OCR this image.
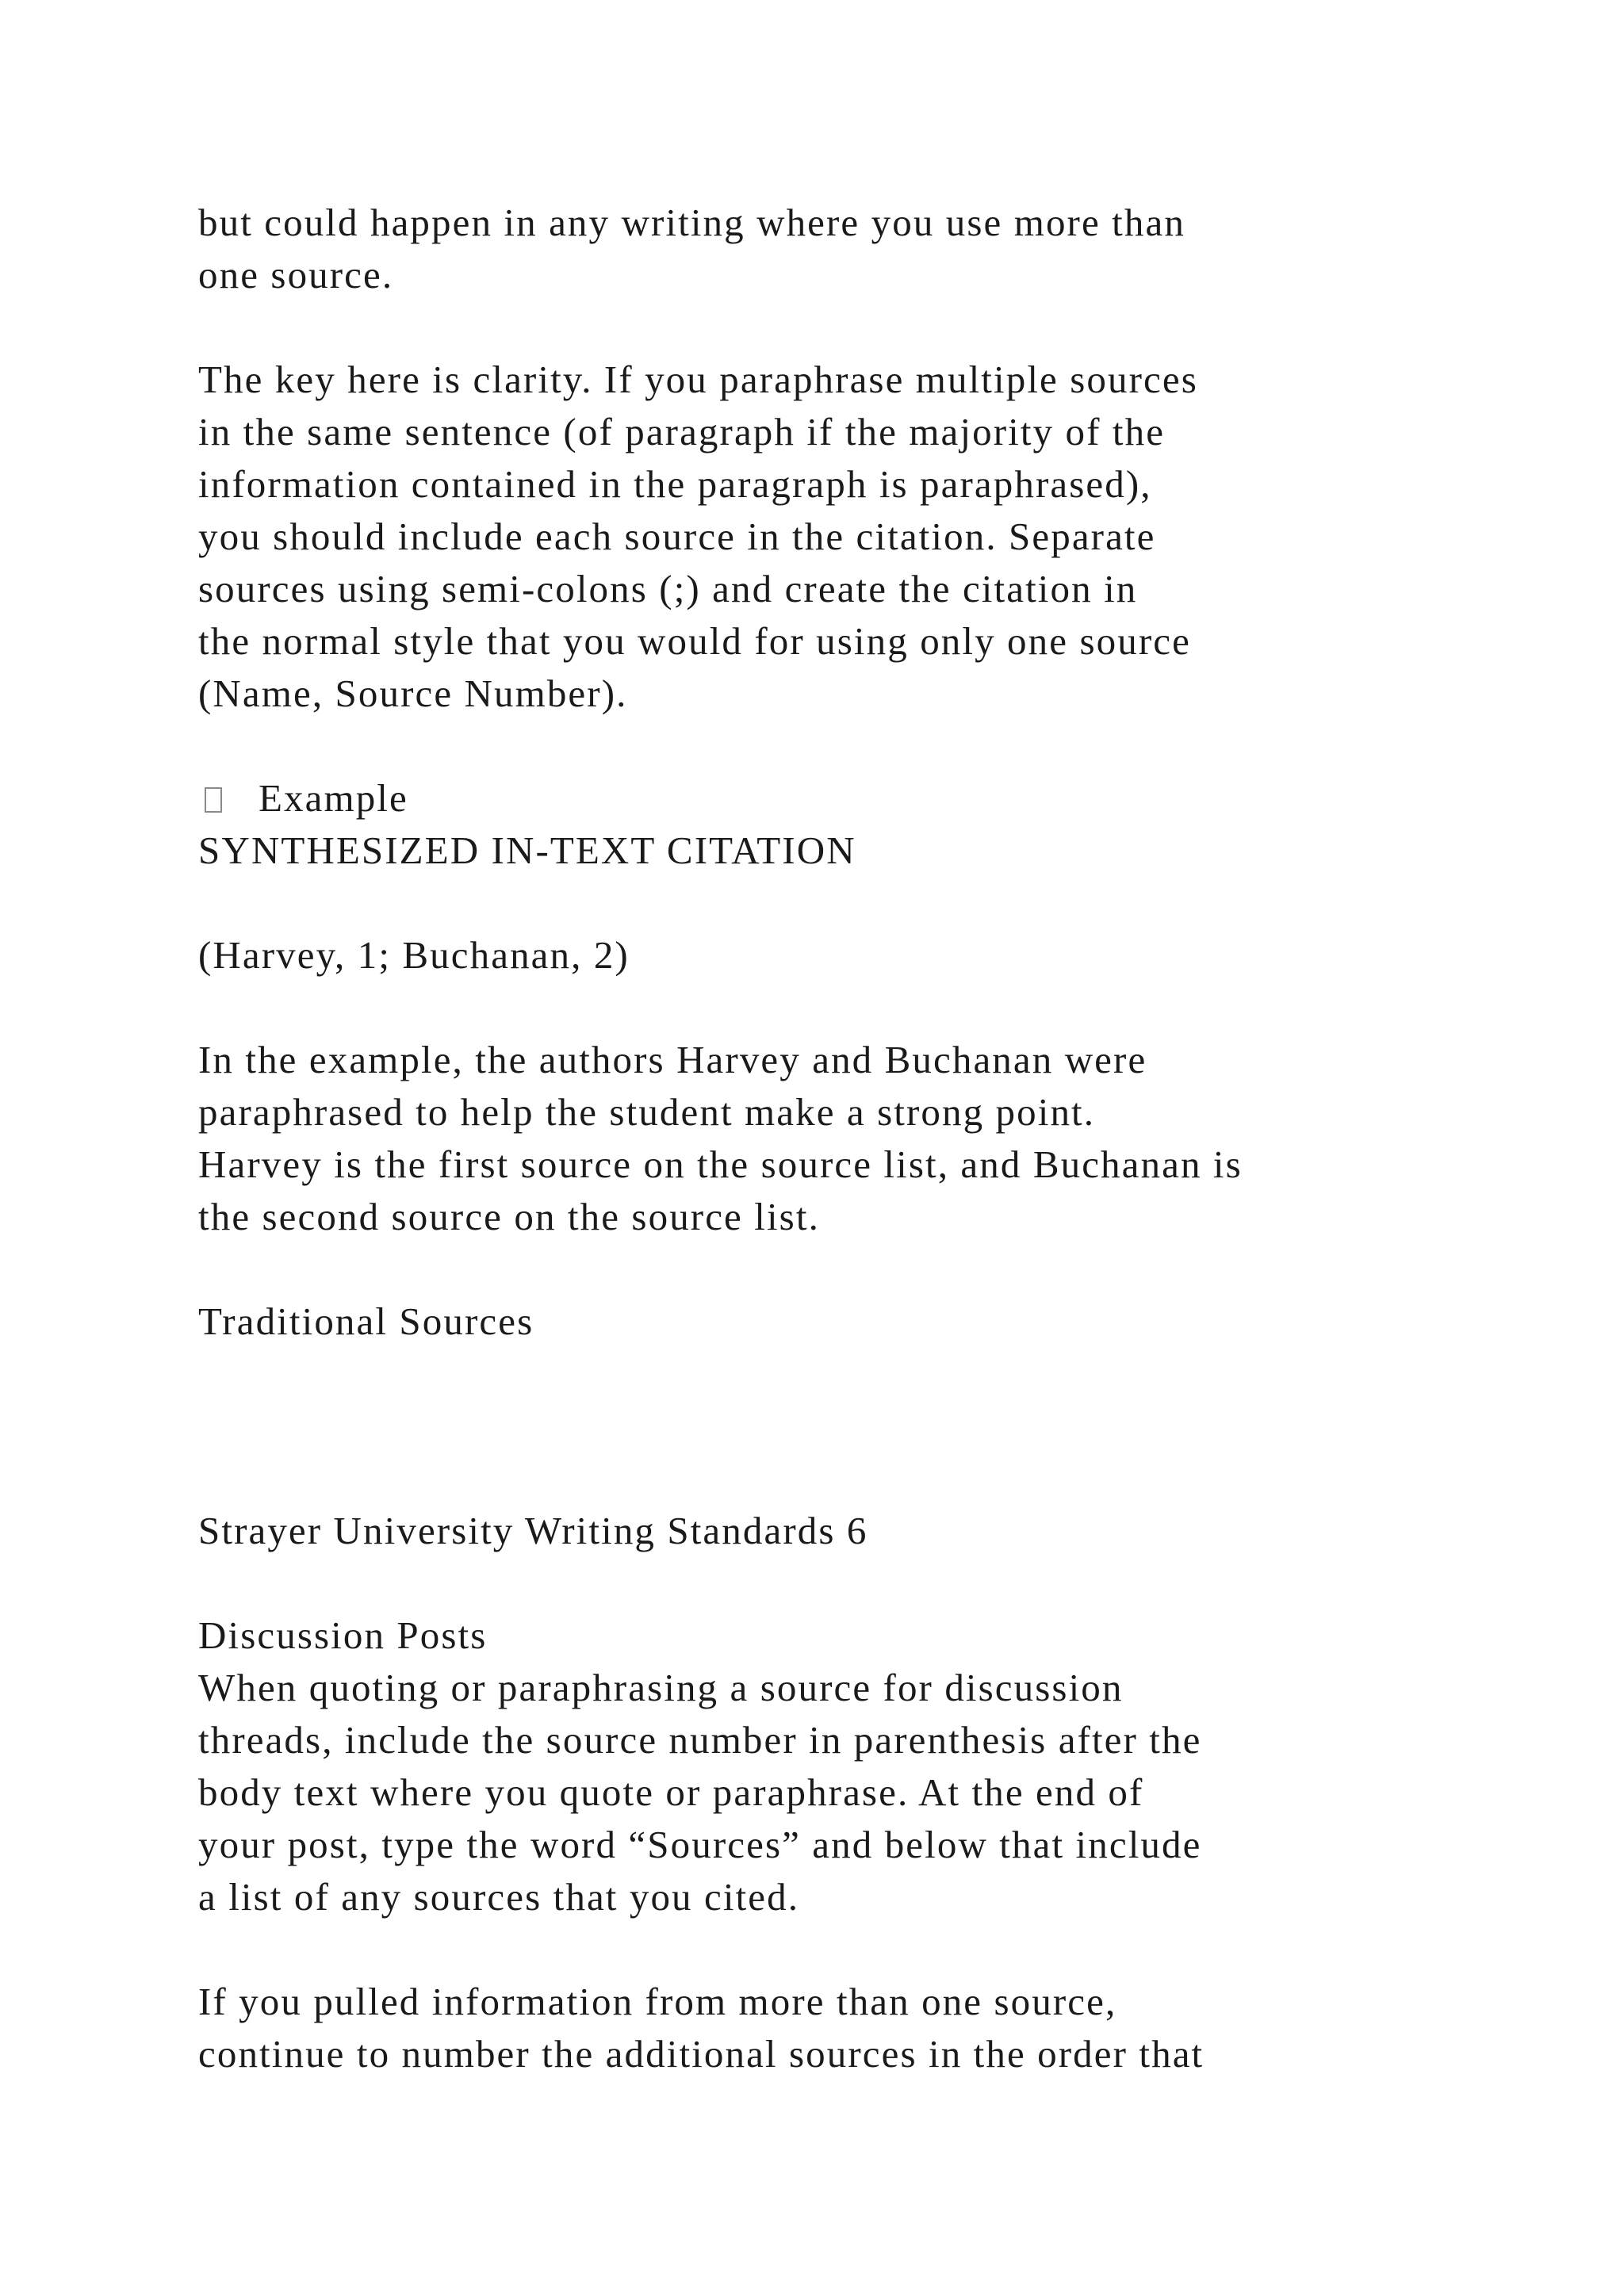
but could happen in any writing where you use more than
one source.
The key here is clarity. If you paraphrase multiple sources
in the same sentence (of paragraph if the majority of the
information contained in the paragraph is paraphrased),
you should include each source in the citation. Separate
sources using semi-colons (;) and create the citation in
the normal style that you would for using only one source
(Name, Source Number).
Example
SYNTHESIZED IN-TEXT CITATION
(Harvey, 1; Buchanan, 2)
In the example, the authors Harvey and Buchanan were
paraphrased to help the student make a strong point.
Harvey is the first source on the source list, and Buchanan is
the second source on the source list.
Traditional Sources
Strayer University Writing Standards 6
Discussion Posts
When quoting or paraphrasing a source for discussion
threads, include the source number in parenthesis after the
body text where you quote or paraphrase. At the end of
your post, type the word “Sources” and below that include
a list of any sources that you cited.
If you pulled information from more than one source,
continue to number the additional sources in the order that
